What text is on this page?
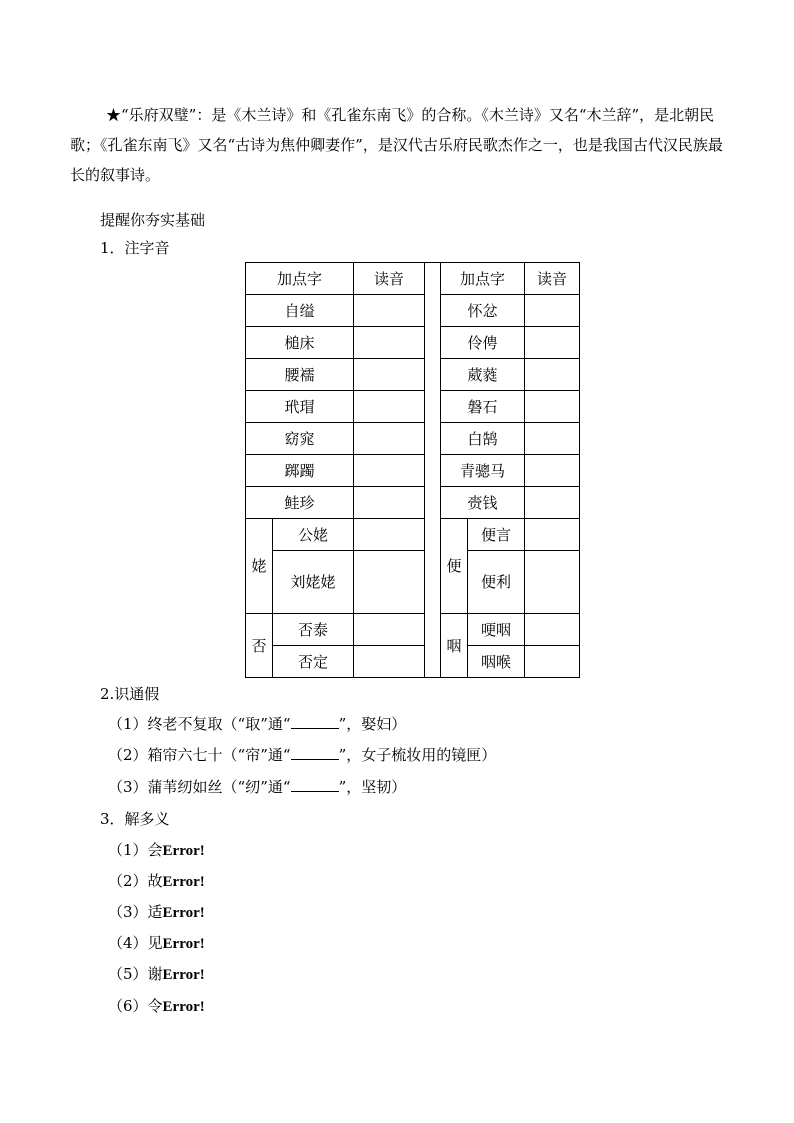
★“乐府双璧”：是《木兰诗》和《孔雀东南飞》的合称。《木兰诗》又名“木兰辞”，是北朝民歌；《孔雀东南飞》又名“古诗为焦仲卿妻作”，是汉代古乐府民歌杰作之一，也是我国古代汉民族最长的叙事诗。

提醒你夯实基础
1．注字音
加点字		读音		加点字		读音
自缢				怀忿		
槌床				伶俜		
腰襦				葳蕤		
玳瑁				磐石		
窈窕				白鹄		
踯躅				青骢马		
鲑珍				赍钱		
姥	公姥			便	便言	
	刘姥姥				便利	
否	否泰			咽	哽咽	
	否定				咽喉	
2.识通假
（1）终老不复取（“取”通“	”，娶妇）
（2）箱帘六七十（“帘”通“	”，女子梳妆用的镜匣）
（3）蒲苇纫如丝（“纫”通“	”，坚韧）
3．解多义
（1）会Error!
（2）故Error!
（3）适Error!
（4）见Error!
（5）谢Error!
（6）令Error!
